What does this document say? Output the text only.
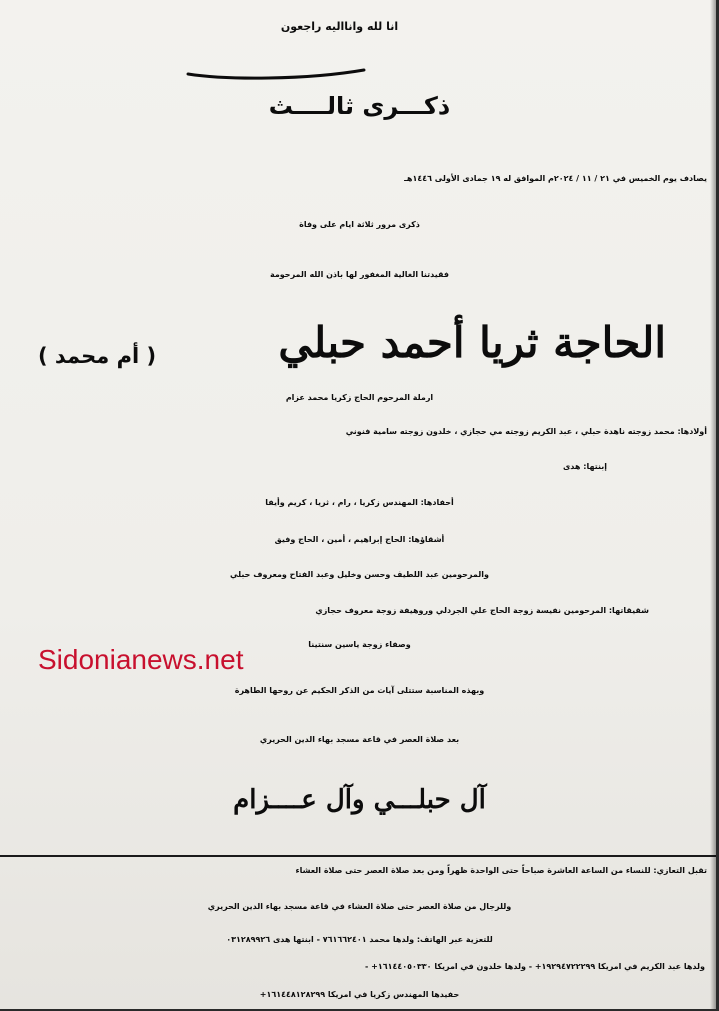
انا لله وانااليه راجعون
ذكـــرى ثالــــث
يصادف يوم الخميس في ٢١ / ١١ / ٢٠٢٤م الموافق له ١٩ جمادى الأولى ١٤٤٦هـ
ذكرى مرور ثلاثة ايام على وفاة
فقيدتنا الغالية المغفور لها باذن الله المرحومة
الحاجة ثريا أحمد حبلي
( أم محمد )
ارملة المرحوم الحاج زكريا محمد عزام
أولادها: محمد زوجته ناهدة حبلي ، عبد الكريم زوجته مي حجازي ، خلدون زوجته سامية فنوني
إبنتها: هدى
أحفادها: المهندس زكريا ، رام ، ثريا ، كريم وأيفا
أشقاؤها: الحاج إبراهيم ، أمين ، الحاج وفيق
والمرحومين عبد اللطيف وحسن وخليل وعبد الفتاح ومعروف حبلي
شقيقاتها: المرحومين نفيسة زوجة الحاج علي الجردلي وروهيفة زوجة معروف حجازي
وصفاء زوجة ياسين سنتينا
Sidonianews.net
وبهذه المناسبة ستتلى آيات من الذكر الحكيم عن روحها الطاهرة
بعد صلاة العصر في قاعة مسجد بهاء الدين الحريري
آل حبلـــي وآل عــــزام
تقبل التعازي: للنساء من الساعة العاشرة صباحاً حتى الواحدة ظهراً ومن بعد صلاة العصر حتى صلاة العشاء
وللرجال من صلاة العصر حتى صلاة العشاء في قاعة مسجد بهاء الدين الحريري
للتعزية عبر الهاتف: ولدها محمد ٧٦١٦٦٢٤٠١ - ابنتها هدى ٠٣١٢٨٩٩٢٦
ولدها عبد الكريم في امريكا ١٩٢٩٤٧٢٢٢٩٩+ - ولدها خلدون في امريكا ١٦١٤٤٠٥٠٣٣٠+ -
حفيدها المهندس زكريا في امريكا ١٦١٤٤٨١٢٨٢٩٩+
